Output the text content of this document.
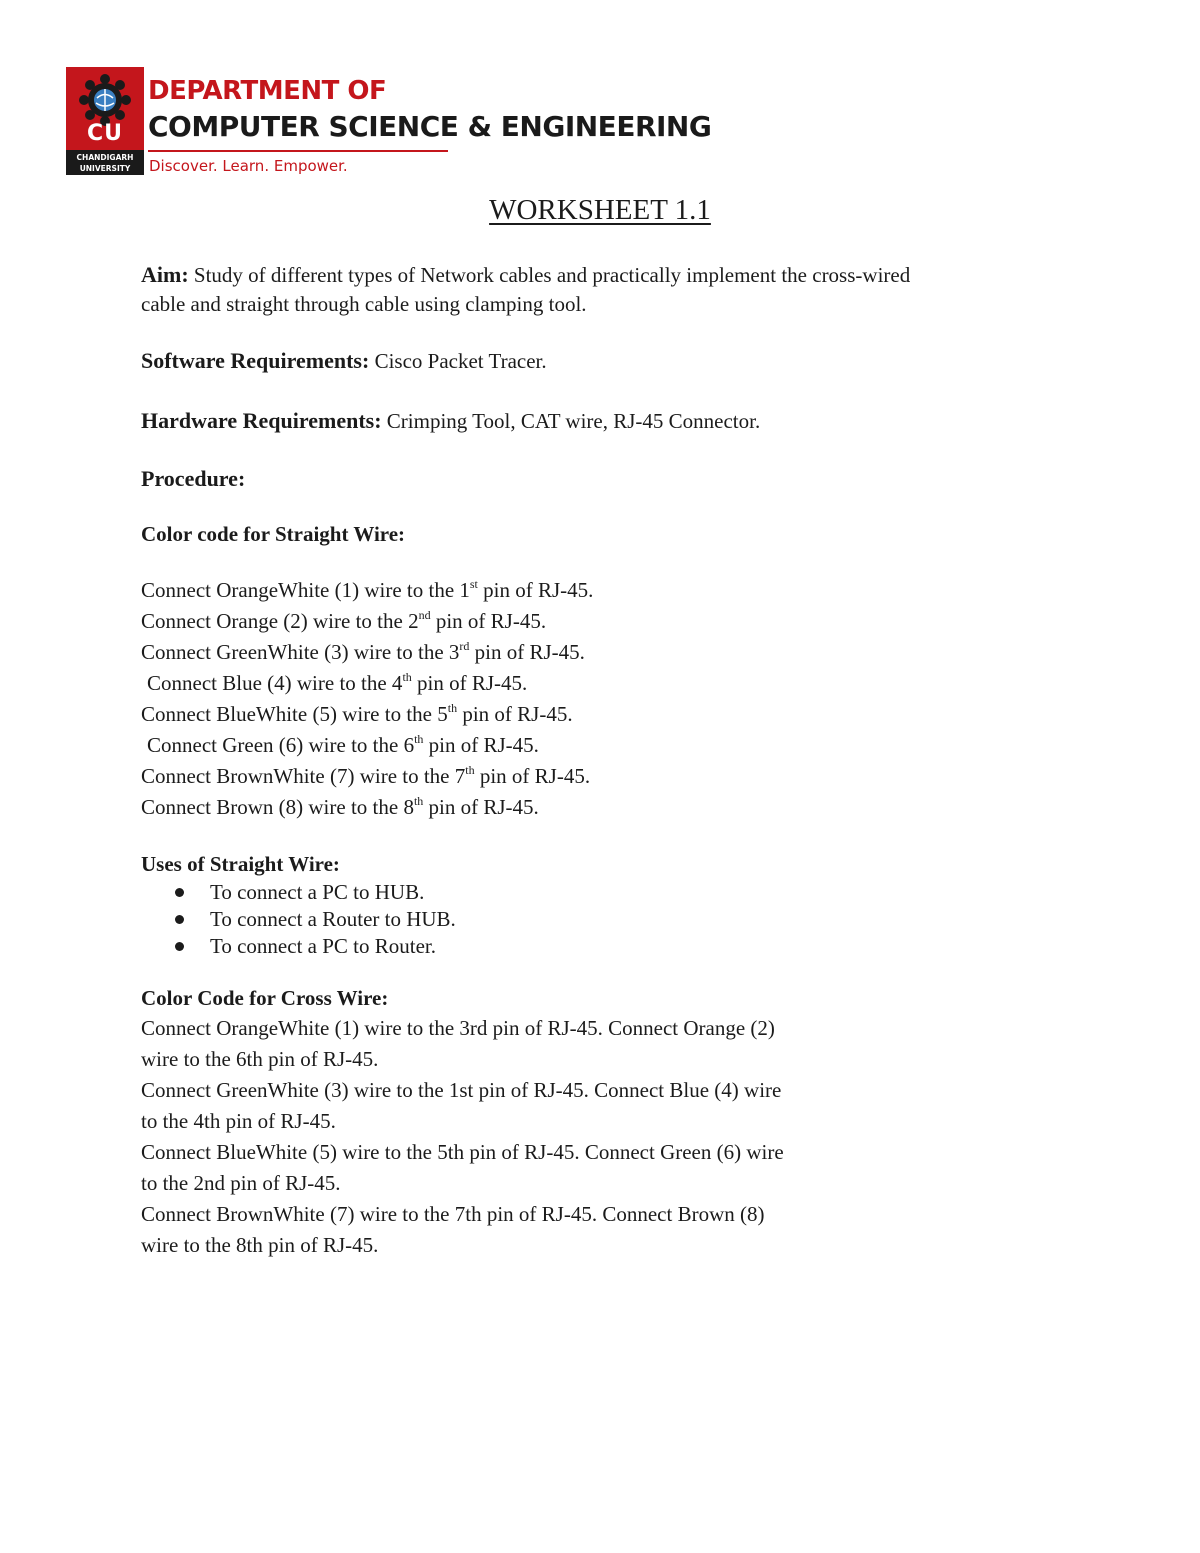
CU
CHANDIGARH
UNIVERSITY
DEPARTMENT OF
COMPUTER SCIENCE & ENGINEERING
Discover. Learn. Empower.
WORKSHEET 1.1

Aim: Study of different types of Network cables and practically implement the cross-wired
cable and straight through cable using clamping tool.

Software Requirements: Cisco Packet Tracer.

Hardware Requirements: Crimping Tool, CAT wire, RJ-45 Connector.

Procedure:

Color code for Straight Wire:

Connect OrangeWhite (1) wire to the 1st pin of RJ-45.
Connect Orange (2) wire to the 2nd pin of RJ-45.
Connect GreenWhite (3) wire to the 3rd pin of RJ-45.
Connect Blue (4) wire to the 4th pin of RJ-45.
Connect BlueWhite (5) wire to the 5th pin of RJ-45.
Connect Green (6) wire to the 6th pin of RJ-45.
Connect BrownWhite (7) wire to the 7th pin of RJ-45.
Connect Brown (8) wire to the 8th pin of RJ-45.

Uses of Straight Wire:

To connect a PC to HUB.
To connect a Router to HUB.
To connect a PC to Router.

Color Code for Cross Wire:

Connect OrangeWhite (1) wire to the 3rd pin of RJ-45. Connect Orange (2)
wire to the 6th pin of RJ-45.
Connect GreenWhite (3) wire to the 1st pin of RJ-45. Connect Blue (4) wire
to the 4th pin of RJ-45.
Connect BlueWhite (5) wire to the 5th pin of RJ-45. Connect Green (6) wire
to the 2nd pin of RJ-45.
Connect BrownWhite (7) wire to the 7th pin of RJ-45. Connect Brown (8)
wire to the 8th pin of RJ-45.
